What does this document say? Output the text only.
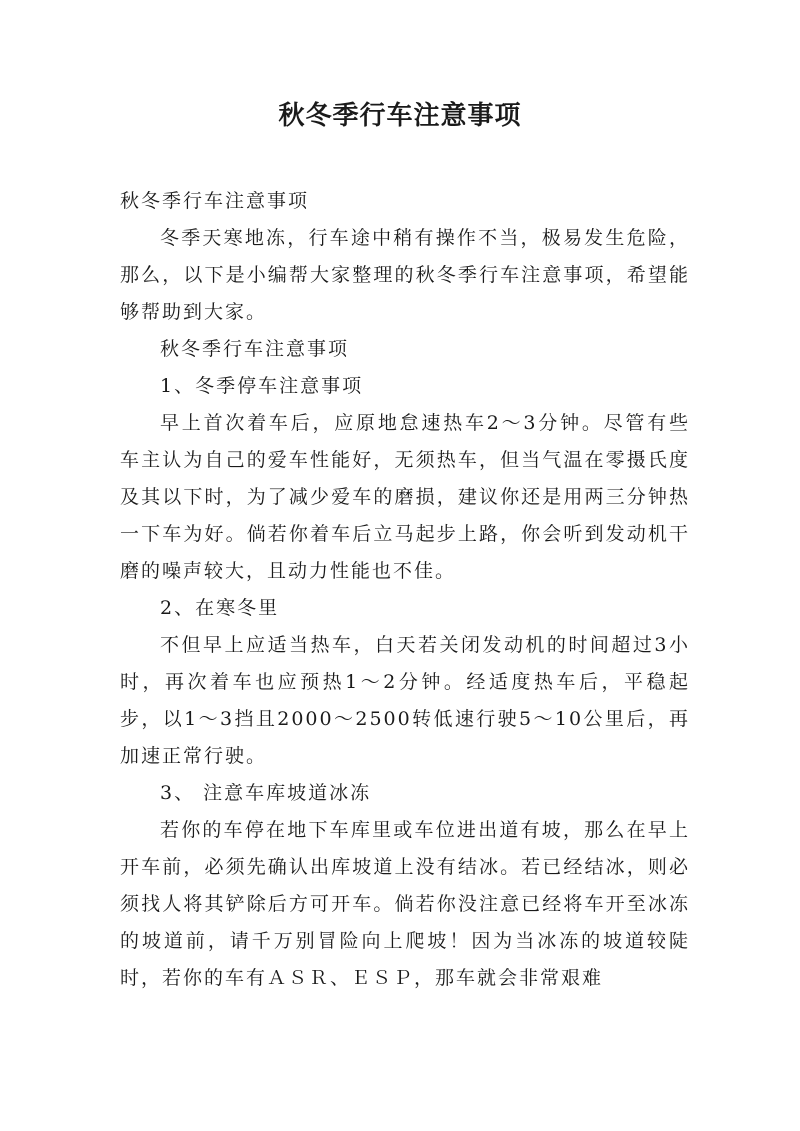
秋冬季行车注意事项

秋冬季行车注意事项

冬季天寒地冻，行车途中稍有操作不当，极易发生危险，那么，以下是小编帮大家整理的秋冬季行车注意事项，希望能够帮助到大家。

秋冬季行车注意事项

1、冬季停车注意事项

早上首次着车后，应原地怠速热车2～3分钟。尽管有些车主认为自己的爱车性能好，无须热车，但当气温在零摄氏度及其以下时，为了减少爱车的磨损，建议你还是用两三分钟热一下车为好。倘若你着车后立马起步上路，你会听到发动机干磨的噪声较大，且动力性能也不佳。

2、在寒冬里

不但早上应适当热车，白天若关闭发动机的时间超过3小时，再次着车也应预热1～2分钟。经适度热车后，平稳起步，以1～3挡且2000～2500转低速行驶5～10公里后，再加速正常行驶。

3、 注意车库坡道冰冻

若你的车停在地下车库里或车位进出道有坡，那么在早上开车前，必须先确认出库坡道上没有结冰。若已经结冰，则必须找人将其铲除后方可开车。倘若你没注意已经将车开至冰冻的坡道前，请千万别冒险向上爬坡！因为当冰冻的坡道较陡时，若你的车有ＡＳＲ、ＥＳＰ，那车就会非常艰难
